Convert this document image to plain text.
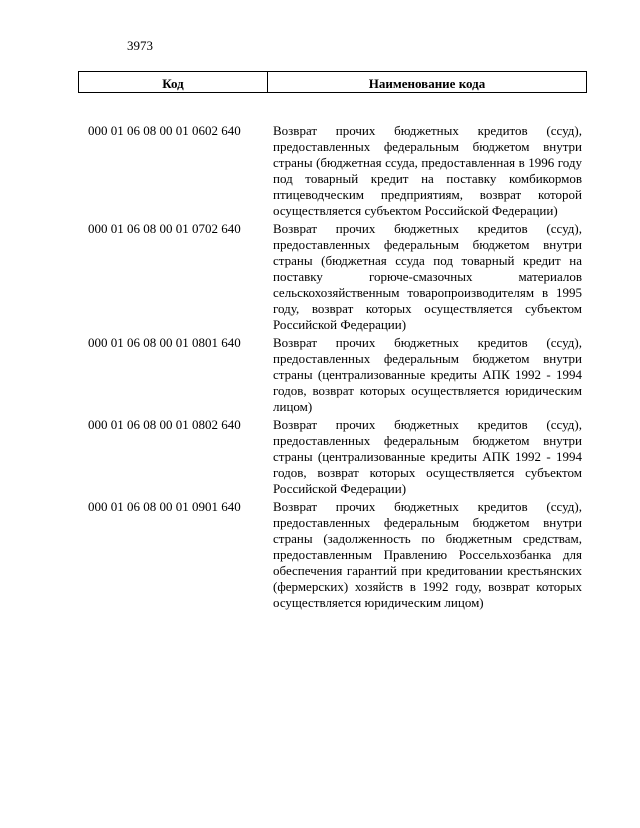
3973
Код	Наименование кода
000 01 06 08 00 01 0602 640	Возврат прочих бюджетных кредитов (ссуд), предоставленных федеральным бюджетом внутри страны (бюджетная ссуда, предоставленная в 1996 году под товарный кредит на поставку комбикормов птицеводческим предприятиям, возврат которой осуществляется субъектом Российской Федерации)
000 01 06 08 00 01 0702 640	Возврат прочих бюджетных кредитов (ссуд), предоставленных федеральным бюджетом внутри страны (бюджетная ссуда под товарный кредит на поставку горюче-смазочных материалов сельскохозяйственным товаропроизводителям в 1995 году, возврат которых осуществляется субъектом Российской Федерации)
000 01 06 08 00 01 0801 640	Возврат прочих бюджетных кредитов (ссуд), предоставленных федеральным бюджетом внутри страны (централизованные кредиты АПК 1992 - 1994 годов, возврат которых осуществляется юридическим лицом)
000 01 06 08 00 01 0802 640	Возврат прочих бюджетных кредитов (ссуд), предоставленных федеральным бюджетом внутри страны (централизованные кредиты АПК 1992 - 1994 годов, возврат которых осуществляется субъектом Российской Федерации)
000 01 06 08 00 01 0901 640	Возврат прочих бюджетных кредитов (ссуд), предоставленных федеральным бюджетом внутри страны (задолженность по бюджетным средствам, предоставленным Правлению Россельхозбанка для обеспечения гарантий при кредитовании крестьянских (фермерских) хозяйств в 1992 году, возврат которых осуществляется юридическим лицом)
